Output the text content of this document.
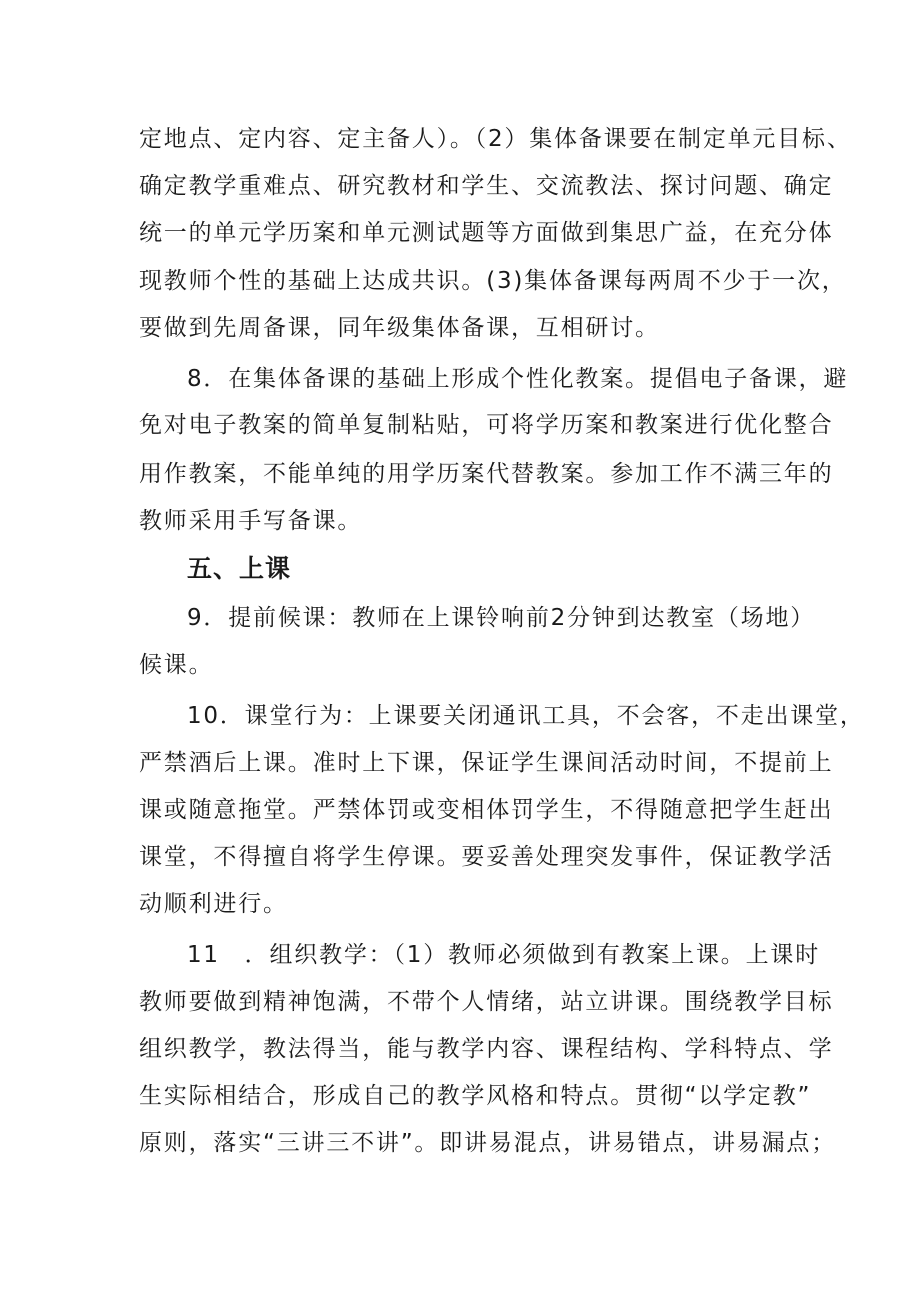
定地点、定内容、定主备人）。（2）集体备课要在制定单元目标、
确定教学重难点、研究教材和学生、交流教法、探讨问题、确定
统一的单元学历案和单元测试题等方面做到集思广益，在充分体
现教师个性的基础上达成共识。(3)集体备课每两周不少于一次，
要做到先周备课，同年级集体备课，互相研讨。
8．在集体备课的基础上形成个性化教案。提倡电子备课，避
免对电子教案的简单复制粘贴，可将学历案和教案进行优化整合
用作教案，不能单纯的用学历案代替教案。参加工作不满三年的
教师采用手写备课。
五、上课
9．提前候课：教师在上课铃响前2分钟到达教室（场地）
候课。
10．课堂行为：上课要关闭通讯工具，不会客，不走出课堂，
严禁酒后上课。准时上下课，保证学生课间活动时间，不提前上
课或随意拖堂。严禁体罚或变相体罚学生，不得随意把学生赶出
课堂，不得擅自将学生停课。要妥善处理突发事件，保证教学活
动顺利进行。
11　．组织教学：（1）教师必须做到有教案上课。上课时
教师要做到精神饱满，不带个人情绪，站立讲课。围绕教学目标
组织教学，教法得当，能与教学内容、课程结构、学科特点、学
生实际相结合，形成自己的教学风格和特点。贯彻“以学定教”
原则，落实“三讲三不讲”。即讲易混点，讲易错点，讲易漏点；
